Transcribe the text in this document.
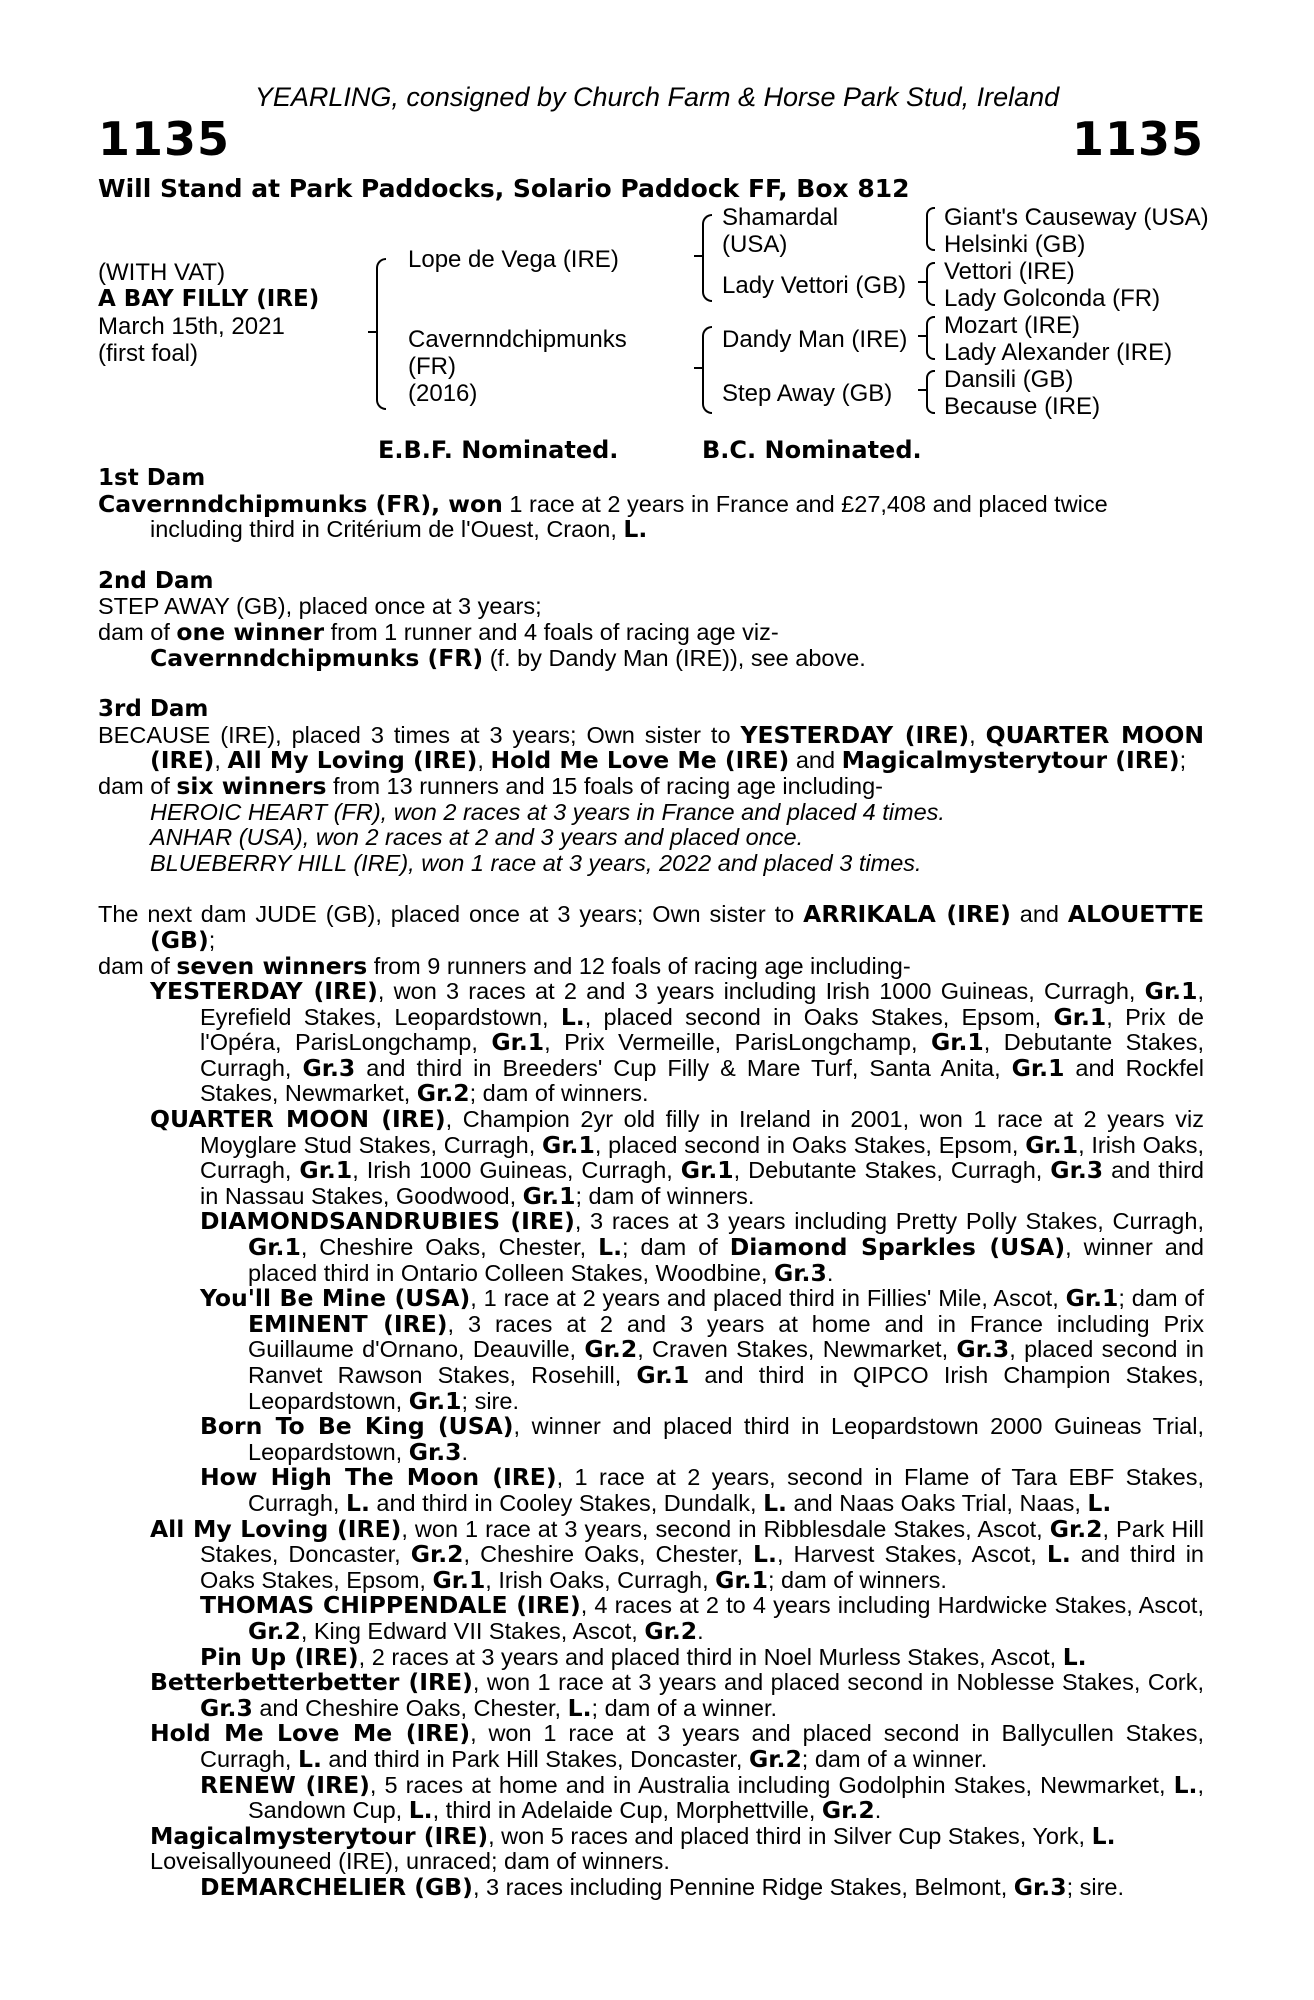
YEARLING, consigned by Church Farm & Horse Park Stud, Ireland
1135	1135
Will Stand at Park Paddocks, Solario Paddock FF, Box 812
(WITH VAT)
A BAY FILLY (IRE)
March 15th, 2021
(first foal)
Lope de Vega (IRE)
Cavernndchipmunks
(FR)
(2016)
Shamardal
(USA)
Lady Vettori (GB)
Dandy Man (IRE)
Step Away (GB)
Giant's Causeway (USA)
Helsinki (GB)
Vettori (IRE)
Lady Golconda (FR)
Mozart (IRE)
Lady Alexander (IRE)
Dansili (GB)
Because (IRE)
E.B.F. Nominated.	B.C. Nominated.

1st Dam

Cavernndchipmunks (FR), won 1 race at 2 years in France and £27,408 and placed twice including third in Critérium de l'Ouest, Craon, L.

2nd Dam

STEP AWAY (GB), placed once at 3 years;

dam of one winner from 1 runner and 4 foals of racing age viz-

Cavernndchipmunks (FR) (f. by Dandy Man (IRE)), see above.

3rd Dam

BECAUSE (IRE), placed 3 times at 3 years; Own sister to YESTERDAY (IRE), QUARTER MOON (IRE), All My Loving (IRE), Hold Me Love Me (IRE) and Magicalmysterytour (IRE);

dam of six winners from 13 runners and 15 foals of racing age including-

HEROIC HEART (FR), won 2 races at 3 years in France and placed 4 times.

ANHAR (USA), won 2 races at 2 and 3 years and placed once.

BLUEBERRY HILL (IRE), won 1 race at 3 years, 2022 and placed 3 times.

The next dam JUDE (GB), placed once at 3 years; Own sister to ARRIKALA (IRE) and ALOUETTE (GB);

dam of seven winners from 9 runners and 12 foals of racing age including-

YESTERDAY (IRE), won 3 races at 2 and 3 years including Irish 1000 Guineas, Curragh, Gr.1, Eyrefield Stakes, Leopardstown, L., placed second in Oaks Stakes, Epsom, Gr.1, Prix de l'Opéra, ParisLongchamp, Gr.1, Prix Vermeille, ParisLongchamp, Gr.1, Debutante Stakes, Curragh, Gr.3 and third in Breeders' Cup Filly & Mare Turf, Santa Anita, Gr.1 and Rockfel Stakes, Newmarket, Gr.2; dam of winners.

QUARTER MOON (IRE), Champion 2yr old filly in Ireland in 2001, won 1 race at 2 years viz Moyglare Stud Stakes, Curragh, Gr.1, placed second in Oaks Stakes, Epsom, Gr.1, Irish Oaks, Curragh, Gr.1, Irish 1000 Guineas, Curragh, Gr.1, Debutante Stakes, Curragh, Gr.3 and third in Nassau Stakes, Goodwood, Gr.1; dam of winners.

DIAMONDSANDRUBIES (IRE), 3 races at 3 years including Pretty Polly Stakes, Curragh, Gr.1, Cheshire Oaks, Chester, L.; dam of Diamond Sparkles (USA), winner and placed third in Ontario Colleen Stakes, Woodbine, Gr.3.

You'll Be Mine (USA), 1 race at 2 years and placed third in Fillies' Mile, Ascot, Gr.1; dam of EMINENT (IRE), 3 races at 2 and 3 years at home and in France including Prix Guillaume d'Ornano, Deauville, Gr.2, Craven Stakes, Newmarket, Gr.3, placed second in Ranvet Rawson Stakes, Rosehill, Gr.1 and third in QIPCO Irish Champion Stakes, Leopardstown, Gr.1; sire.

Born To Be King (USA), winner and placed third in Leopardstown 2000 Guineas Trial, Leopardstown, Gr.3.

How High The Moon (IRE), 1 race at 2 years, second in Flame of Tara EBF Stakes, Curragh, L. and third in Cooley Stakes, Dundalk, L. and Naas Oaks Trial, Naas, L.

All My Loving (IRE), won 1 race at 3 years, second in Ribblesdale Stakes, Ascot, Gr.2, Park Hill Stakes, Doncaster, Gr.2, Cheshire Oaks, Chester, L., Harvest Stakes, Ascot, L. and third in Oaks Stakes, Epsom, Gr.1, Irish Oaks, Curragh, Gr.1; dam of winners.

THOMAS CHIPPENDALE (IRE), 4 races at 2 to 4 years including Hardwicke Stakes, Ascot, Gr.2, King Edward VII Stakes, Ascot, Gr.2.

Pin Up (IRE), 2 races at 3 years and placed third in Noel Murless Stakes, Ascot, L.

Betterbetterbetter (IRE), won 1 race at 3 years and placed second in Noblesse Stakes, Cork, Gr.3 and Cheshire Oaks, Chester, L.; dam of a winner.

Hold Me Love Me (IRE), won 1 race at 3 years and placed second in Ballycullen Stakes, Curragh, L. and third in Park Hill Stakes, Doncaster, Gr.2; dam of a winner.

RENEW (IRE), 5 races at home and in Australia including Godolphin Stakes, Newmarket, L., Sandown Cup, L., third in Adelaide Cup, Morphettville, Gr.2.

Magicalmysterytour (IRE), won 5 races and placed third in Silver Cup Stakes, York, L.

Loveisallyouneed (IRE), unraced; dam of winners.

DEMARCHELIER (GB), 3 races including Pennine Ridge Stakes, Belmont, Gr.3; sire.
